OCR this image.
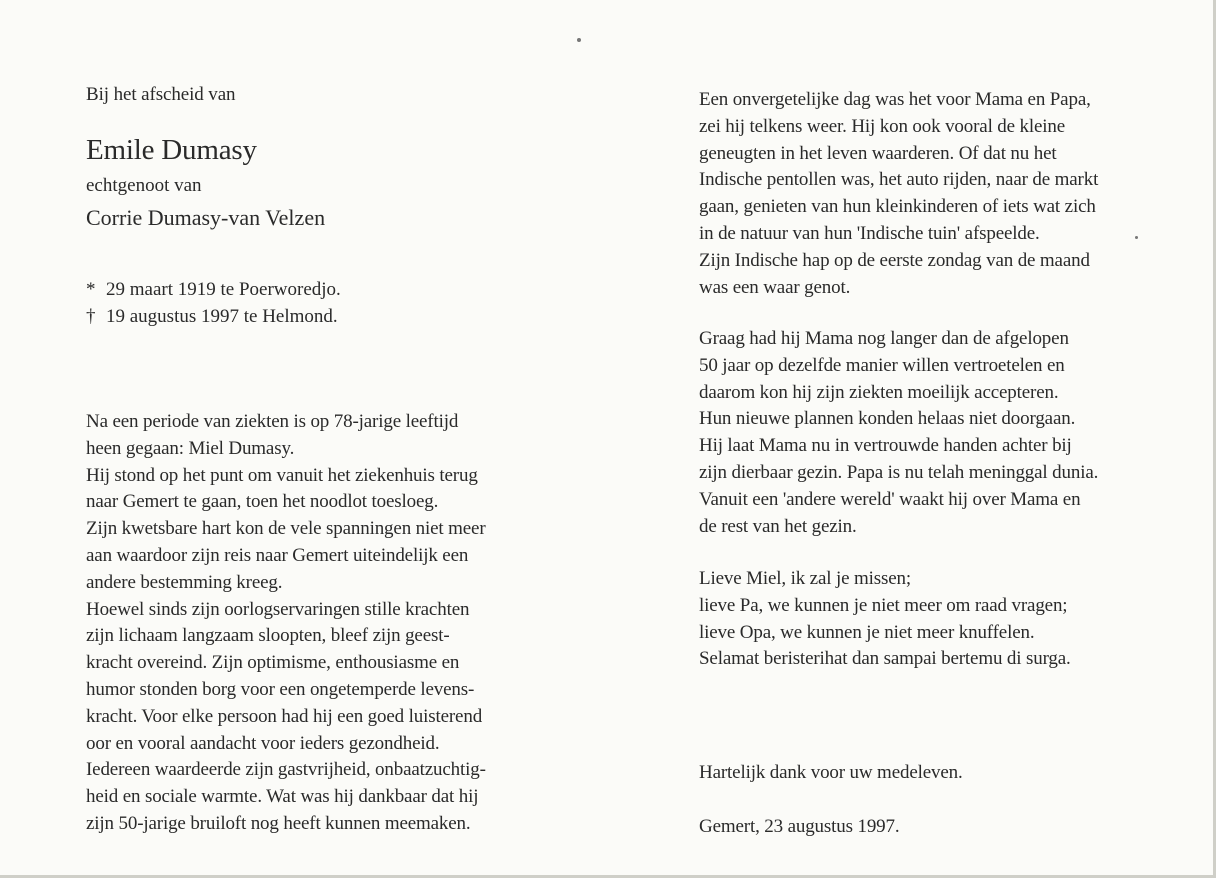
Bij het afscheid van
Emile Dumasy
echtgenoot van
Corrie Dumasy-van Velzen
* 29 maart 1919 te Poerworedjo.
† 19 augustus 1997 te Helmond.
Na een periode van ziekten is op 78-jarige leeftijd
heen gegaan: Miel Dumasy.
Hij stond op het punt om vanuit het ziekenhuis terug
naar Gemert te gaan, toen het noodlot toesloeg.
Zijn kwetsbare hart kon de vele spanningen niet meer
aan waardoor zijn reis naar Gemert uiteindelijk een
andere bestemming kreeg.
Hoewel sinds zijn oorlogservaringen stille krachten
zijn lichaam langzaam sloopten, bleef zijn geest-
kracht overeind. Zijn optimisme, enthousiasme en
humor stonden borg voor een ongetemperde levens-
kracht. Voor elke persoon had hij een goed luisterend
oor en vooral aandacht voor ieders gezondheid.
Iedereen waardeerde zijn gastvrijheid, onbaatzuchtig-
heid en sociale warmte. Wat was hij dankbaar dat hij
zijn 50-jarige bruiloft nog heeft kunnen meemaken.
Een onvergetelijke dag was het voor Mama en Papa,
zei hij telkens weer. Hij kon ook vooral de kleine
geneugten in het leven waarderen. Of dat nu het
Indische pentollen was, het auto rijden, naar de markt
gaan, genieten van hun kleinkinderen of iets wat zich
in de natuur van hun 'Indische tuin' afspeelde.
Zijn Indische hap op de eerste zondag van de maand
was een waar genot.
Graag had hij Mama nog langer dan de afgelopen
50 jaar op dezelfde manier willen vertroetelen en
daarom kon hij zijn ziekten moeilijk accepteren.
Hun nieuwe plannen konden helaas niet doorgaan.
Hij laat Mama nu in vertrouwde handen achter bij
zijn dierbaar gezin. Papa is nu telah meninggal dunia.
Vanuit een 'andere wereld' waakt hij over Mama en
de rest van het gezin.
Lieve Miel, ik zal je missen;
lieve Pa, we kunnen je niet meer om raad vragen;
lieve Opa, we kunnen je niet meer knuffelen.
Selamat beristerihat dan sampai bertemu di surga.
Hartelijk dank voor uw medeleven.
Gemert, 23 augustus 1997.
